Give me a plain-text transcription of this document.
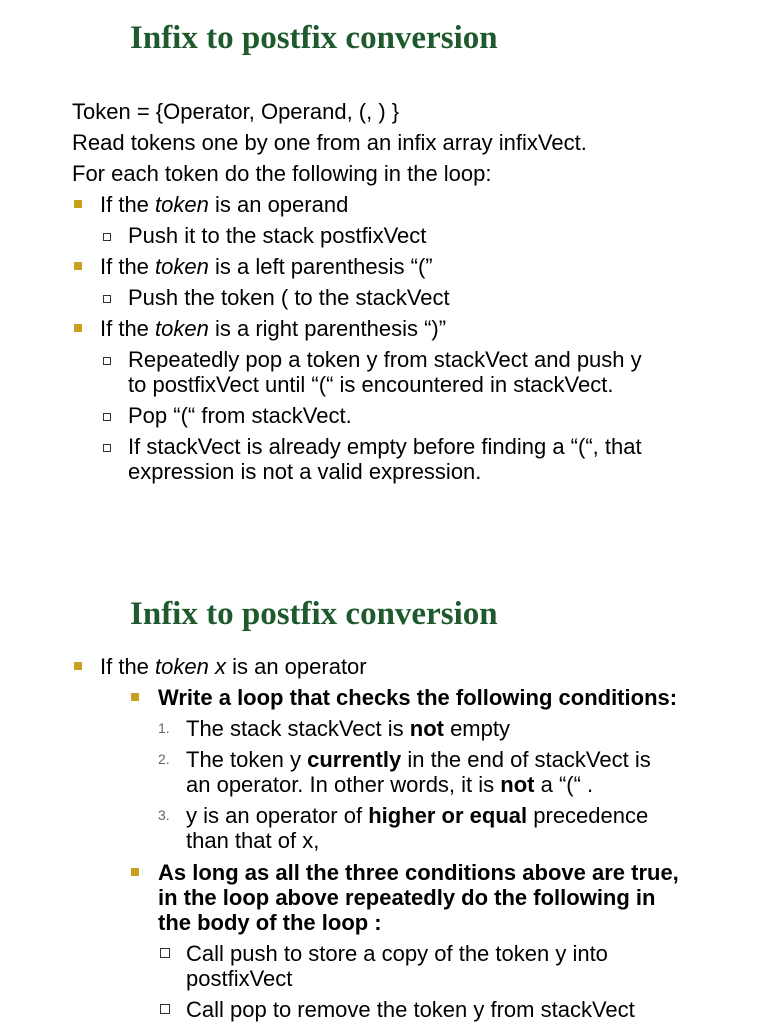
Infix to postfix conversion
Token = {Operator, Operand, (, ) }
Read tokens one by one from an infix array infixVect.
For each token do the following in the loop:
If the token is an operand
Push it to the stack postfixVect
If the token is a left parenthesis “(”
Push the token ( to the stackVect
If the token is a right parenthesis “)”
Repeatedly pop a token y from stackVect and push y
to postfixVect until “(“ is encountered in stackVect.
Pop “(“ from stackVect.
If stackVect is already empty before finding a “(“, that
expression is not a valid expression.
Infix to postfix conversion
If the token x is an operator
Write a loop that checks the following conditions:
1. The stack stackVect is not empty
2. The token y currently in the end of stackVect is
an operator. In other words, it is not a “(“ .
3. y is an operator of higher or equal precedence
than that of x,
As long as all the three conditions above are true,
in the loop above repeatedly do the following in
the body of the loop :
Call push to store a copy of the token y into
postfixVect
Call pop to remove the token y from stackVect
